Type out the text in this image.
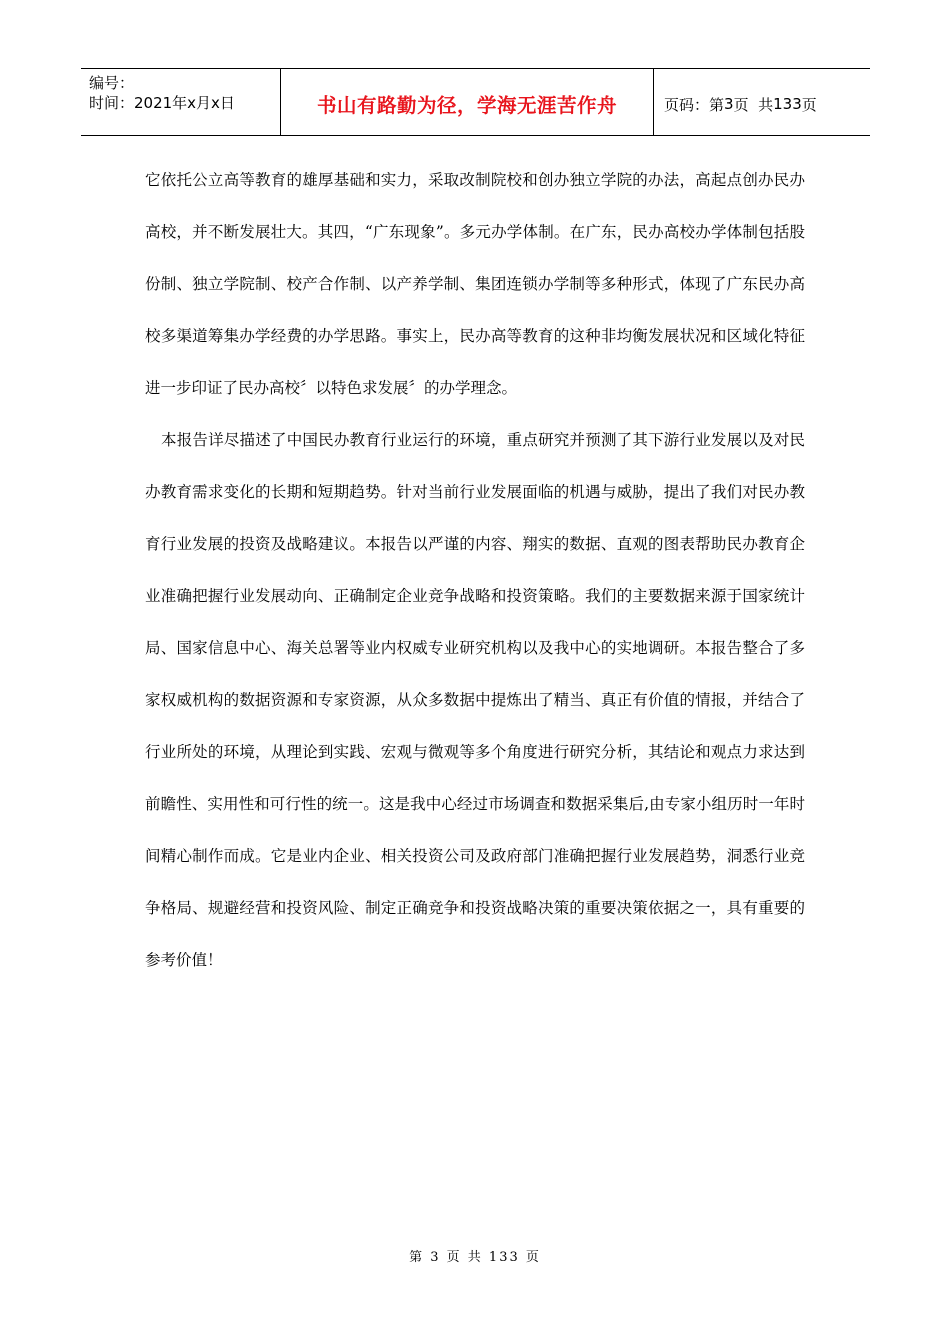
编号：
时间：2021年x月x日	书山有路勤为径，学海无涯苦作舟	页码：第 3 页  共 133 页

它依托公立高等教育的雄厚基础和实力，采取改制院校和创办独立学院的办法，高起点创办民办高校，并不断发展壮大。其四，“广东现象”。多元办学体制。在广东，民办高校办学体制包括股份制、独立学院制、校产合作制、以产养学制、集团连锁办学制等多种形式，体现了广东民办高校多渠道筹集办学经费的办学思路。事实上，民办高等教育的这种非均衡发展状况和区域化特征进一步印证了民办高校〞以特色求发展〞的办学理念。

本报告详尽描述了中国民办教育行业运行的环境，重点研究并预测了其下游行业发展以及对民办教育需求变化的长期和短期趋势。针对当前行业发展面临的机遇与威胁，提出了我们对民办教育行业发展的投资及战略建议。本报告以严谨的内容、翔实的数据、直观的图表帮助民办教育企业准确把握行业发展动向、正确制定企业竞争战略和投资策略。我们的主要数据来源于国家统计局、国家信息中心、海关总署等业内权威专业研究机构以及我中心的实地调研。本报告整合了多家权威机构的数据资源和专家资源，从众多数据中提炼出了精当、真正有价值的情报，并结合了行业所处的环境，从理论到实践、宏观与微观等多个角度进行研究分析，其结论和观点力求达到前瞻性、实用性和可行性的统一。这是我中心经过市场调查和数据采集后,由专家小组历时一年时间精心制作而成。它是业内企业、相关投资公司及政府部门准确把握行业发展趋势，洞悉行业竞争格局、规避经营和投资风险、制定正确竞争和投资战略决策的重要决策依据之一，具有重要的参考价值！

第 3 页 共 133 页
